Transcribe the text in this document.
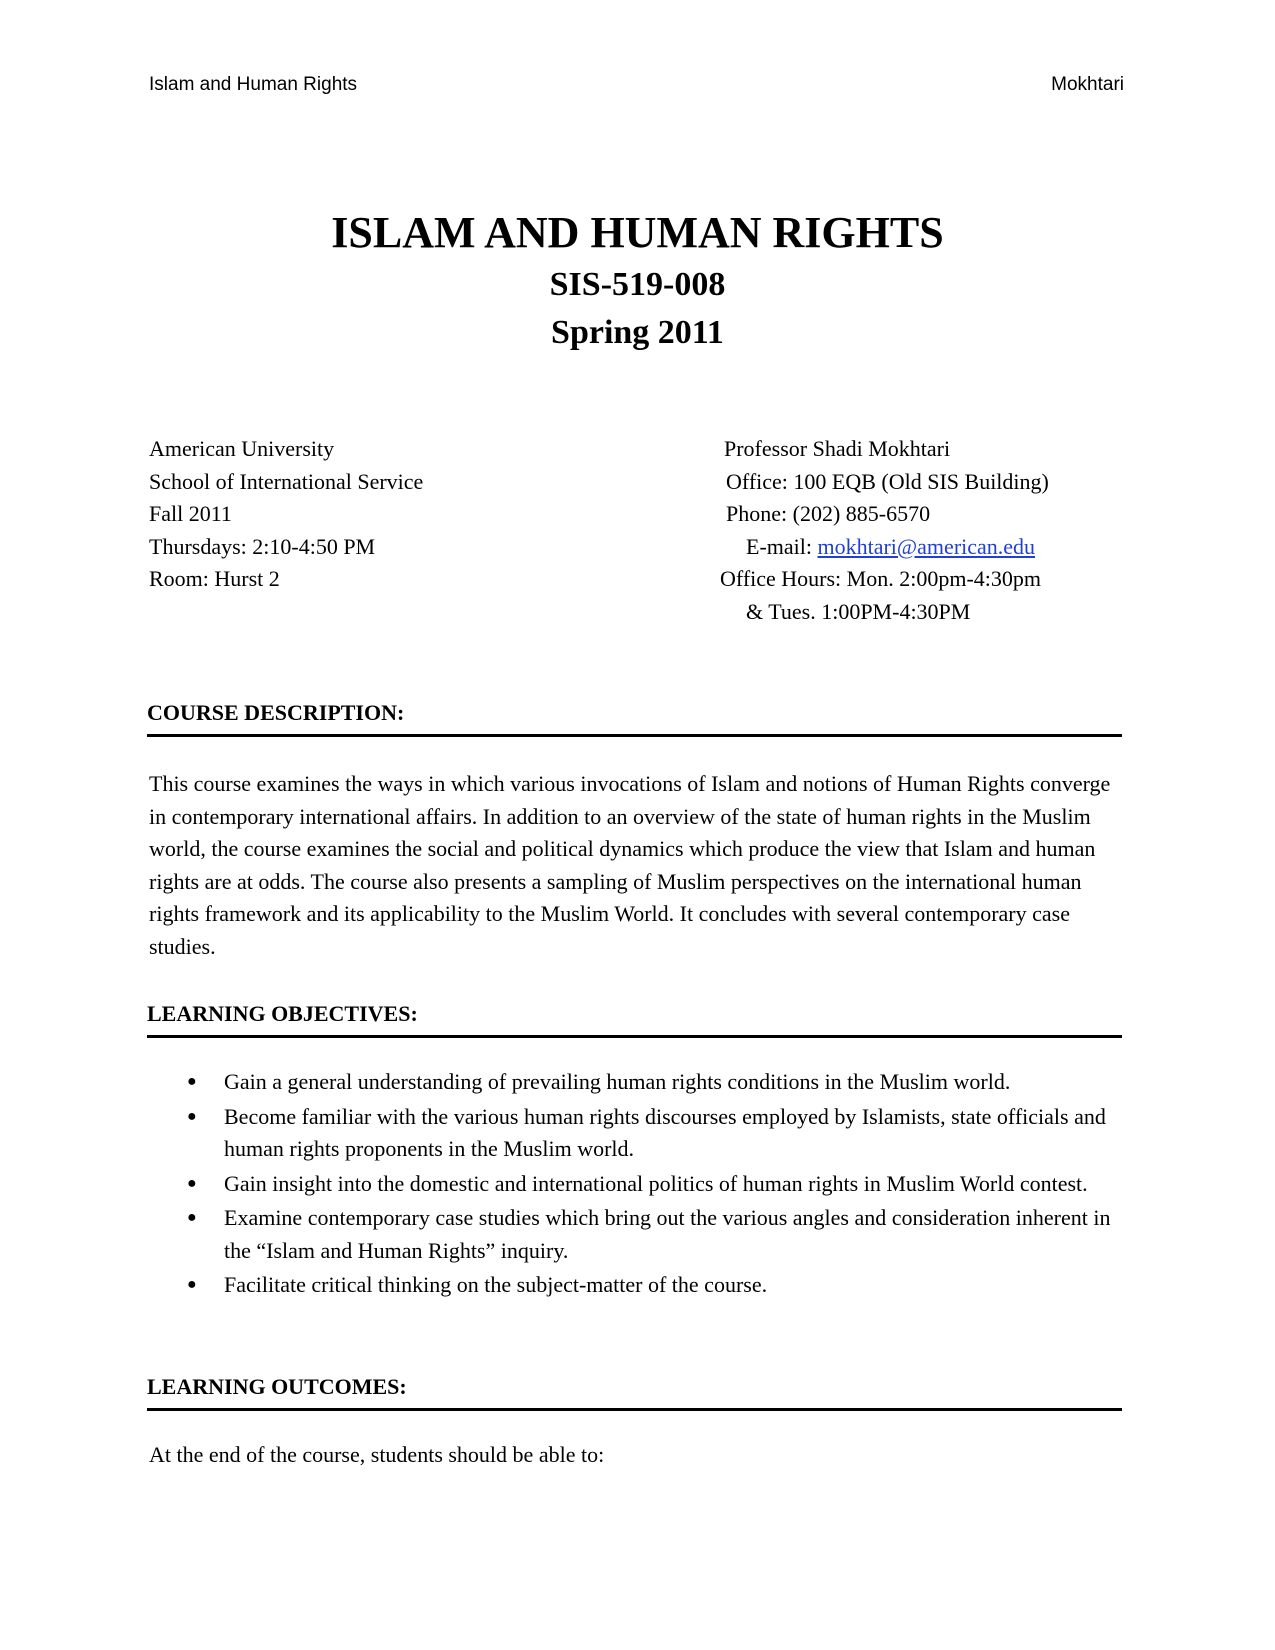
Islam and Human Rights	Mokhtari
ISLAM AND HUMAN RIGHTS
SIS-519-008
Spring 2011
American University
School of International Service
Fall 2011
Thursdays: 2:10-4:50 PM
Room: Hurst 2
Professor Shadi Mokhtari
Office: 100 EQB (Old SIS Building)
Phone: (202) 885-6570
E-mail: mokhtari@american.edu
Office Hours: Mon. 2:00pm-4:30pm
& Tues. 1:00PM-4:30PM
COURSE DESCRIPTION:
This course examines the ways in which various invocations of Islam and notions of Human Rights converge in contemporary international affairs. In addition to an overview of the state of human rights in the Muslim world, the course examines the social and political dynamics which produce the view that Islam and human rights are at odds. The course also presents a sampling of Muslim perspectives on the international human rights framework and its applicability to the Muslim World. It concludes with several contemporary case studies.
LEARNING OBJECTIVES:
● Gain a general understanding of prevailing human rights conditions in the Muslim world.
● Become familiar with the various human rights discourses employed by Islamists, state officials and human rights proponents in the Muslim world.
● Gain insight into the domestic and international politics of human rights in Muslim World contest.
● Examine contemporary case studies which bring out the various angles and consideration inherent in the “Islam and Human Rights” inquiry.
● Facilitate critical thinking on the subject-matter of the course.
LEARNING OUTCOMES:
At the end of the course, students should be able to:
